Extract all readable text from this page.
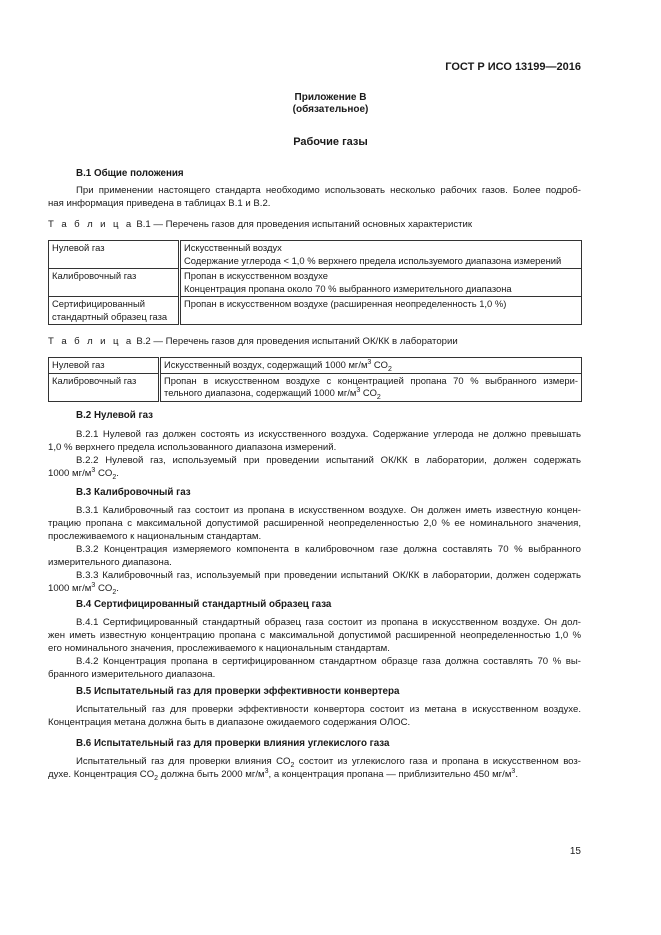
ГОСТ Р ИСО 13199—2016
Приложение В
(обязательное)
Рабочие газы
В.1 Общие положения
При применении настоящего стандарта необходимо использовать несколько рабочих газов. Более подроб-
ная информация приведена в таблицах В.1 и В.2.
Т а б л и ц а В.1 — Перечень газов для проведения испытаний основных характеристик
Нулевой газ	Искусственный воздух
Содержание углерода < 1,0 % верхнего предела используемого диапазона измерений

Калибровочный газ	Пропан в искусственном воздухе
Концентрация пропана около 70 % выбранного измерительного диапазона

Сертифицированный
стандартный образец газа	Пропан в искусственном воздухе (расширенная неопределенность 1,0 %)
Т а б л и ц а В.2 — Перечень газов для проведения испытаний ОК/КК в лаборатории
Нулевой газ	Искусственный воздух, содержащий 1000 $мг/м^3$ $CO_2$
Калибровочный газ	Пропан в искусственном воздухе с концентрацией пропана 70 % выбранного измери-
тельного диапазона, содержащий 1000 $мг/м^3$ $CO_2$
В.2 Нулевой газ
В.2.1 Нулевой газ должен состоять из искусственного воздуха. Содержание углерода не должно превышать
1,0 % верхнего предела использованного диапазона измерений.
В.2.2 Нулевой газ, используемый при проведении испытаний ОК/КК в лаборатории, должен содержать
1000 $мг/м^3$ $CO_2$.
В.3 Калибровочный газ
В.3.1 Калибровочный газ состоит из пропана в искусственном воздухе. Он должен иметь известную концен-
трацию пропана с максимальной допустимой расширенной неопределенностью 2,0 % ее номинального значения,
прослеживаемого к национальным стандартам.
В.3.2 Концентрация измеряемого компонента в калибровочном газе должна составлять 70 % выбранного
измерительного диапазона.
В.3.3 Калибровочный газ, используемый при проведении испытаний ОК/КК в лаборатории, должен содержать
1000 $мг/м^3$ $CO_2$.
В.4 Сертифицированный стандартный образец газа
В.4.1 Сертифицированный стандартный образец газа состоит из пропана в искусственном воздухе. Он дол-
жен иметь известную концентрацию пропана с максимальной допустимой расширенной неопределенностью 1,0 %
его номинального значения, прослеживаемого к национальным стандартам.
В.4.2 Концентрация пропана в сертифицированном стандартном образце газа должна составлять 70 % вы-
бранного измерительного диапазона.
В.5 Испытательный газ для проверки эффективности конвертера
Испытательный газ для проверки эффективности конвертора состоит из метана в искусственном воздухе.
Концентрация метана должна быть в диапазоне ожидаемого содержания ОЛОС.
В.6 Испытательный газ для проверки влияния углекислого газа
Испытательный газ для проверки влияния $CO_2$ состоит из углекислого газа и пропана в искусственном воз-
духе. Концентрация $CO_2$ должна быть 2000 $мг/м^3$, а концентрация пропана — приблизительно 450 $мг/м^3$.
15
